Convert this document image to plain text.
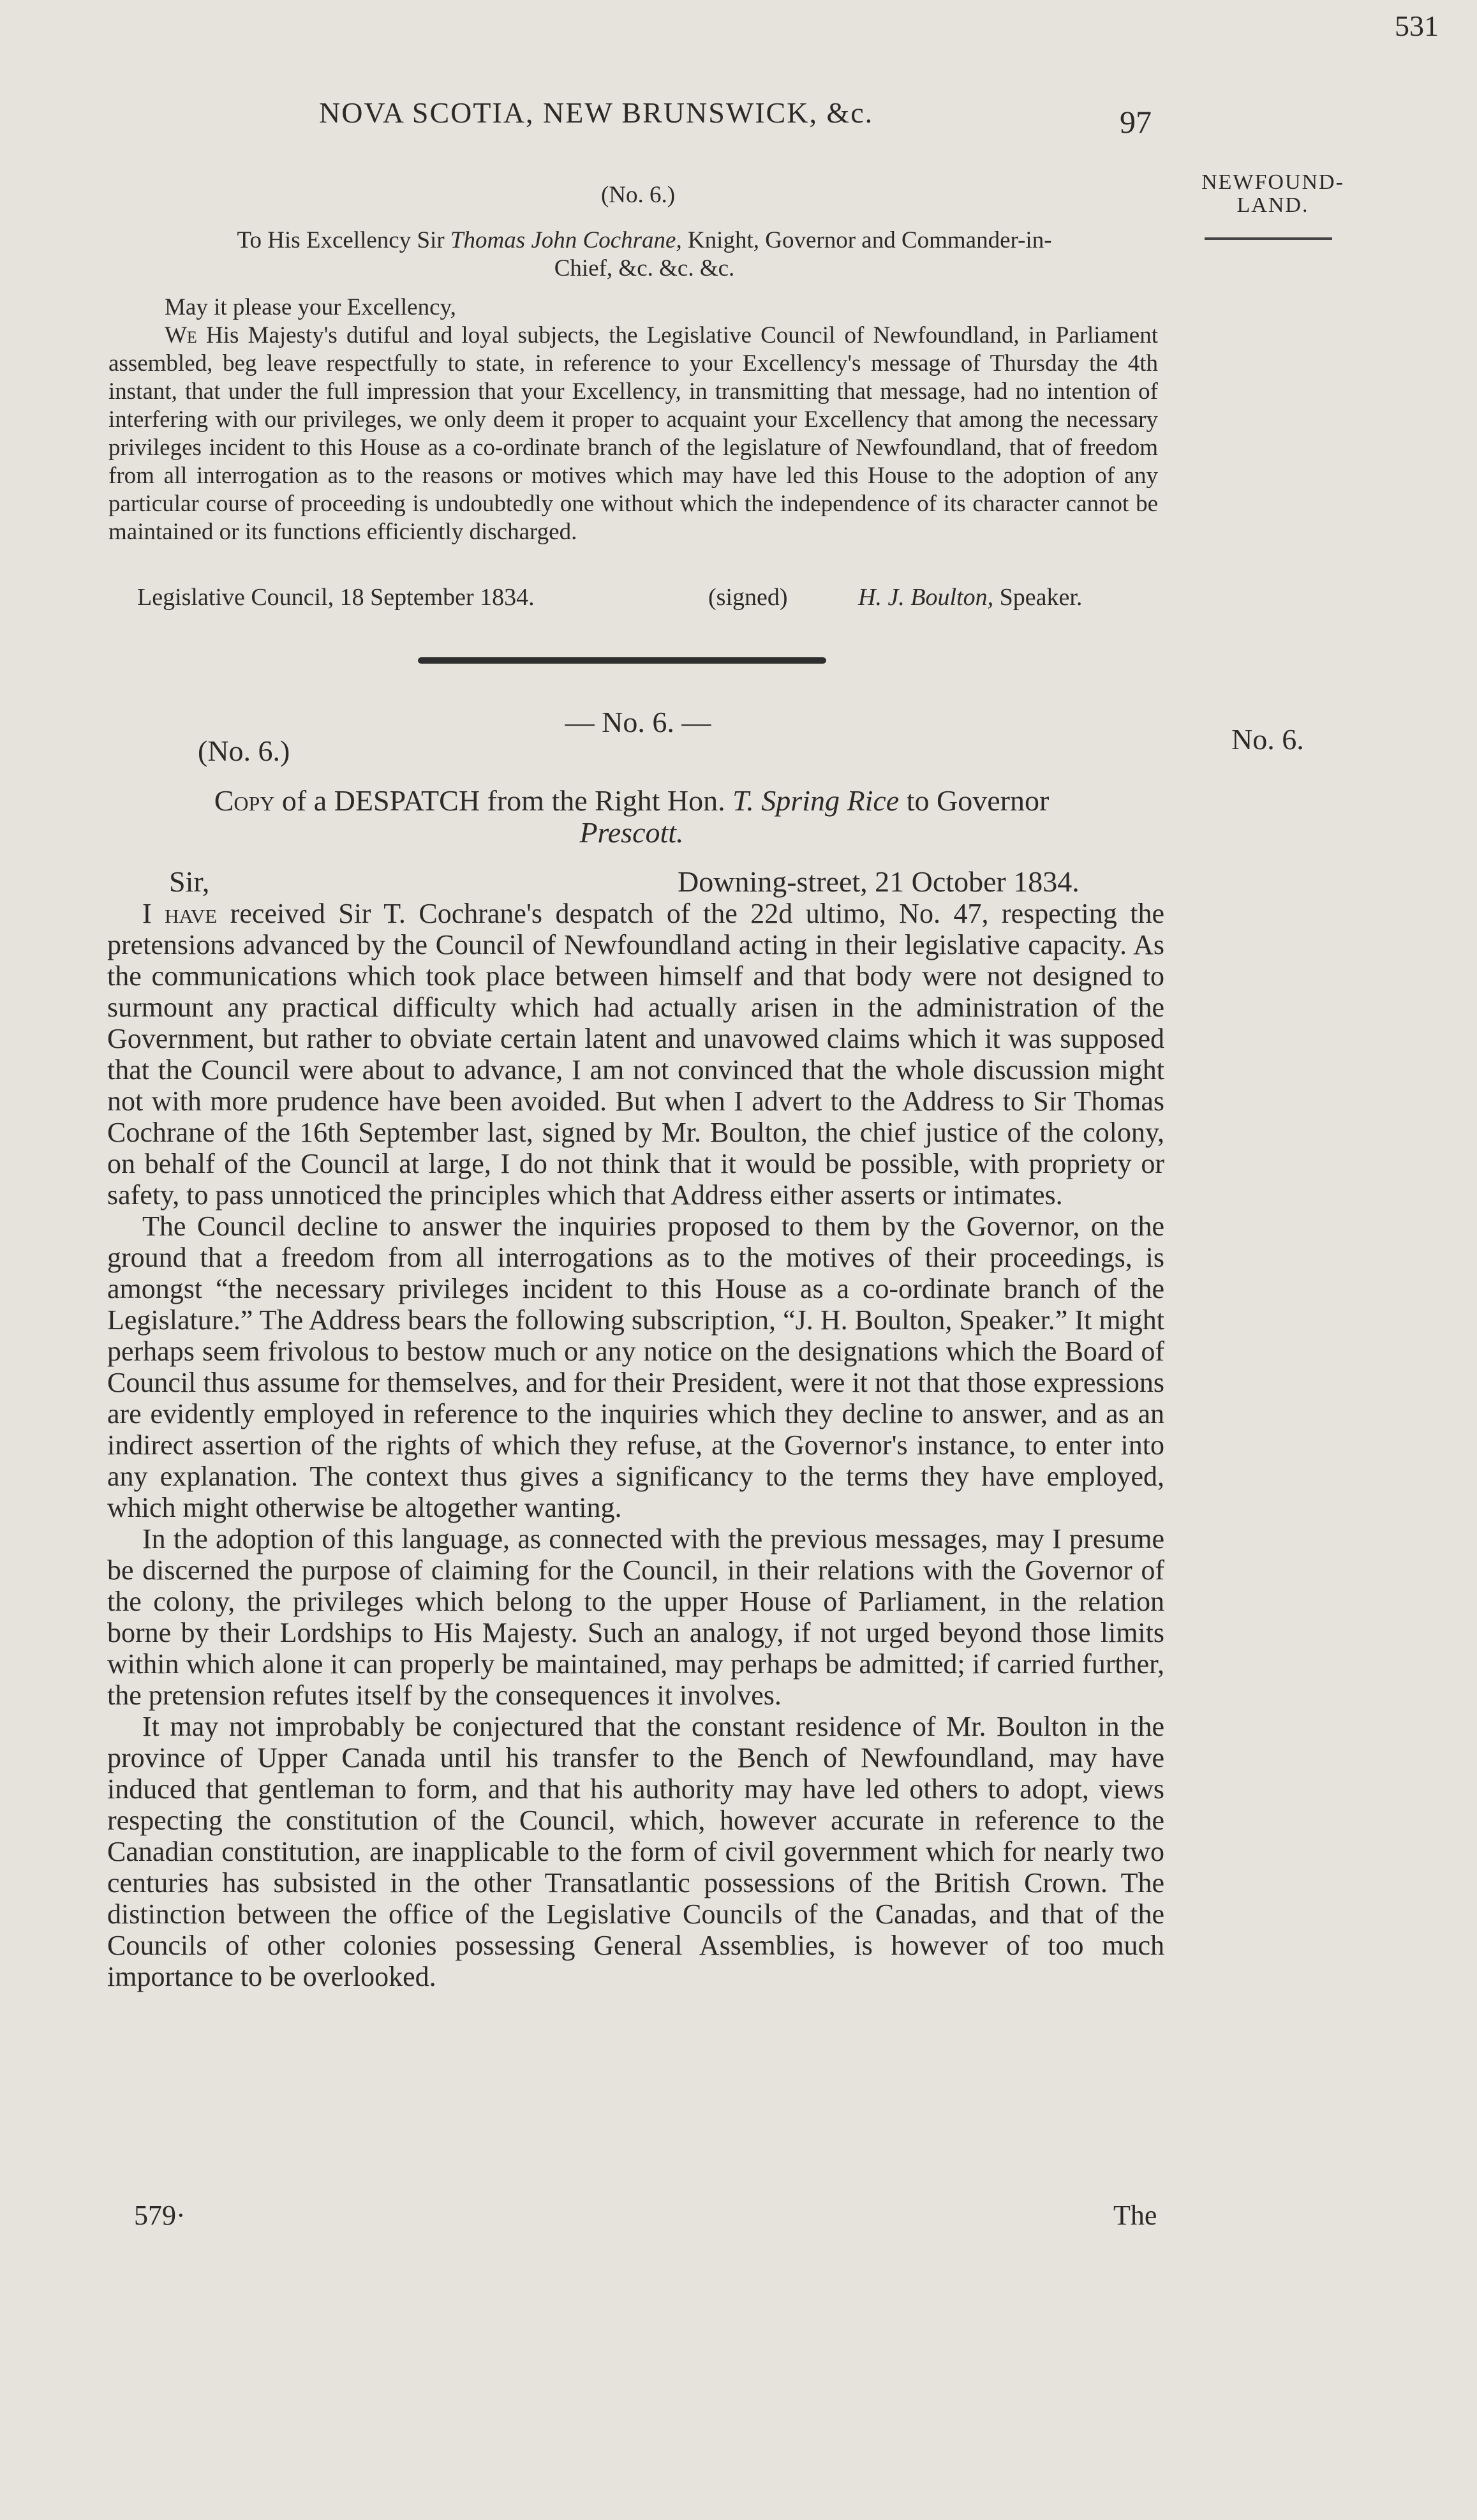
531
NOVA SCOTIA, NEW BRUNSWICK, &c.	97
NEWFOUND-
LAND.
No. 6.
(No. 6.)
To His Excellency Sir Thomas John Cochrane, Knight, Governor and Commander-in-
Chief, &c. &c. &c.
May it please your Excellency,
We His Majesty's dutiful and loyal subjects, the Legislative Council of Newfoundland, in Parliament assembled, beg leave respectfully to state, in reference to your Excellency's message of Thursday the 4th instant, that under the full impression that your Excellency, in transmitting that message, had no intention of interfering with our privileges, we only deem it proper to acquaint your Excellency that among the necessary privileges incident to this House as a co-ordinate branch of the legislature of Newfoundland, that of freedom from all interrogation as to the reasons or motives which may have led this House to the adoption of any particular course of proceeding is undoubtedly one without which the independence of its character cannot be maintained or its functions efficiently discharged.
Legislative Council, 18 September 1834.	(signed)	H. J. Boulton, Speaker.
— No. 6. —
(No. 6.)
Copy of a DESPATCH from the Right Hon. T. Spring Rice to Governor
Prescott.
Sir,	Downing-street, 21 October 1834.

I have received Sir T. Cochrane's despatch of the 22d ultimo, No. 47, respecting the pretensions advanced by the Council of Newfoundland acting in their legislative capacity. As the communications which took place between himself and that body were not designed to surmount any practical difficulty which had actually arisen in the administration of the Government, but rather to obviate certain latent and unavowed claims which it was supposed that the Council were about to advance, I am not convinced that the whole discussion might not with more prudence have been avoided. But when I advert to the Address to Sir Thomas Cochrane of the 16th September last, signed by Mr. Boulton, the chief justice of the colony, on behalf of the Council at large, I do not think that it would be possible, with propriety or safety, to pass unnoticed the principles which that Address either asserts or intimates.

The Council decline to answer the inquiries proposed to them by the Governor, on the ground that a freedom from all interrogations as to the motives of their proceedings, is amongst “the necessary privileges incident to this House as a co-ordinate branch of the Legislature.” The Address bears the following subscription, “J. H. Boulton, Speaker.” It might perhaps seem frivolous to bestow much or any notice on the designations which the Board of Council thus assume for themselves, and for their President, were it not that those expressions are evidently employed in reference to the inquiries which they decline to answer, and as an indirect assertion of the rights of which they refuse, at the Governor's instance, to enter into any explanation. The context thus gives a significancy to the terms they have employed, which might otherwise be altogether wanting.

In the adoption of this language, as connected with the previous messages, may I presume be discerned the purpose of claiming for the Council, in their relations with the Governor of the colony, the privileges which belong to the upper House of Parliament, in the relation borne by their Lordships to His Majesty. Such an analogy, if not urged beyond those limits within which alone it can properly be maintained, may perhaps be admitted; if carried further, the pretension refutes itself by the consequences it involves.

It may not improbably be conjectured that the constant residence of Mr. Boulton in the province of Upper Canada until his transfer to the Bench of Newfoundland, may have induced that gentleman to form, and that his authority may have led others to adopt, views respecting the constitution of the Council, which, however accurate in reference to the Canadian constitution, are inapplicable to the form of civil government which for nearly two centuries has subsisted in the other Transatlantic possessions of the British Crown. The distinction between the office of the Legislative Councils of the Canadas, and that of the Councils of other colonies possessing General Assemblies, is however of too much importance to be overlooked.

579·	The
